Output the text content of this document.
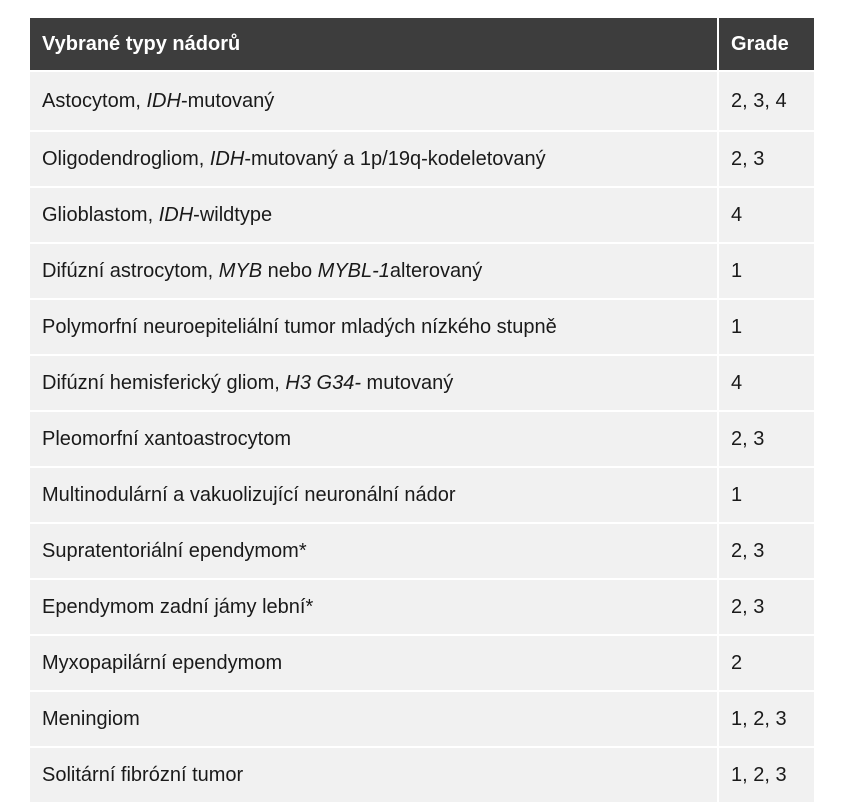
Vybrané typy nádorů	Grade
Astocytom, IDH-mutovaný	2, 3, 4
Oligodendrogliom, IDH-mutovaný a 1p/19q-kodeletovaný	2, 3
Glioblastom, IDH-wildtype	4
Difúzní astrocytom, MYB nebo MYBL-1alterovaný	1
Polymorfní neuroepiteliální tumor mladých nízkého stupně	1
Difúzní hemisferický gliom, H3 G34- mutovaný	4
Pleomorfní xantoastrocytom	2, 3
Multinodulární a vakuolizující neuronální nádor	1
Supratentoriální ependymom*	2, 3
Ependymom zadní jámy lební*	2, 3
Myxopapilární ependymom	2
Meningiom	1, 2, 3
Solitární fibrózní tumor	1, 2, 3
